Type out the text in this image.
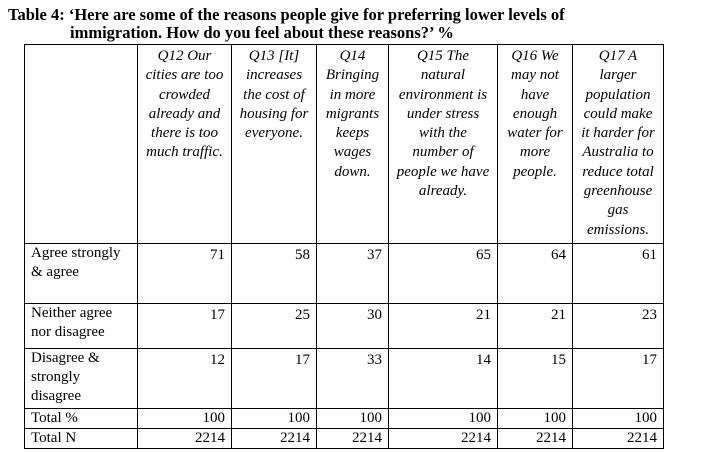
Table 4: ‘Here are some of the reasons people give for preferring lower levels of
immigration. How do you feel about these reasons?’ %
	Q12 Our cities are too crowded already and there is too much traffic.	Q13 [It] increases the cost of housing for everyone.	Q14 Bringing in more migrants keeps wages down.	Q15 The natural environment is under stress with the number of people we have already.	Q16 We may not have enough water for more people.	Q17 A larger population could make it harder for Australia to reduce total greenhouse gas emissions.
Agree strongly & agree	71	58	37	65	64	61
Neither agree nor disagree	17	25	30	21	21	23
Disagree & strongly disagree	12	17	33	14	15	17
Total %	100	100	100	100	100	100
Total N	2214	2214	2214	2214	2214	2214
